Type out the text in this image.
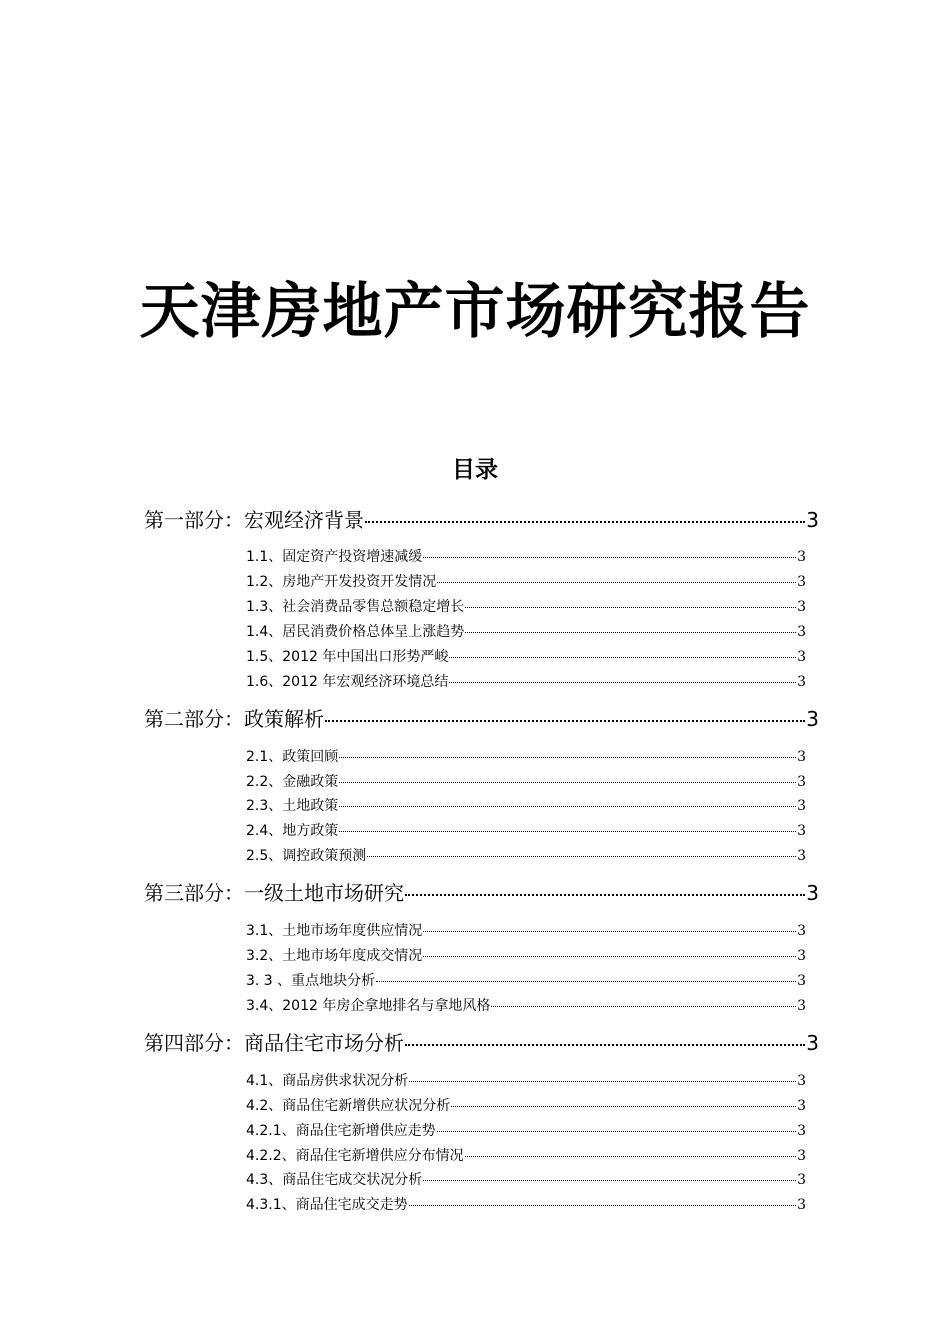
天津房地产市场研究报告
目录
第一部分：宏观经济背景	3
1.1、固定资产投资增速减缓	3
1.2、房地产开发投资开发情况	3
1.3、社会消费品零售总额稳定增长	3
1.4、居民消费价格总体呈上涨趋势	3
1.5、2012 年中国出口形势严峻	3
1.6、2012 年宏观经济环境总结	3
第二部分：政策解析	3
2.1、政策回顾	3
2.2、金融政策	3
2.3、土地政策	3
2.4、地方政策	3
2.5、调控政策预测	3
第三部分：一级土地市场研究	3
3.1、土地市场年度供应情况	3
3.2、土地市场年度成交情况	3
3. 3 、重点地块分析	3
3.4、2012 年房企拿地排名与拿地风格	3
第四部分：商品住宅市场分析	3
4.1、商品房供求状况分析	3
4.2、商品住宅新增供应状况分析	3
4.2.1、商品住宅新增供应走势	3
4.2.2、商品住宅新增供应分布情况	3
4.3、商品住宅成交状况分析	3
4.3.1、商品住宅成交走势	3
